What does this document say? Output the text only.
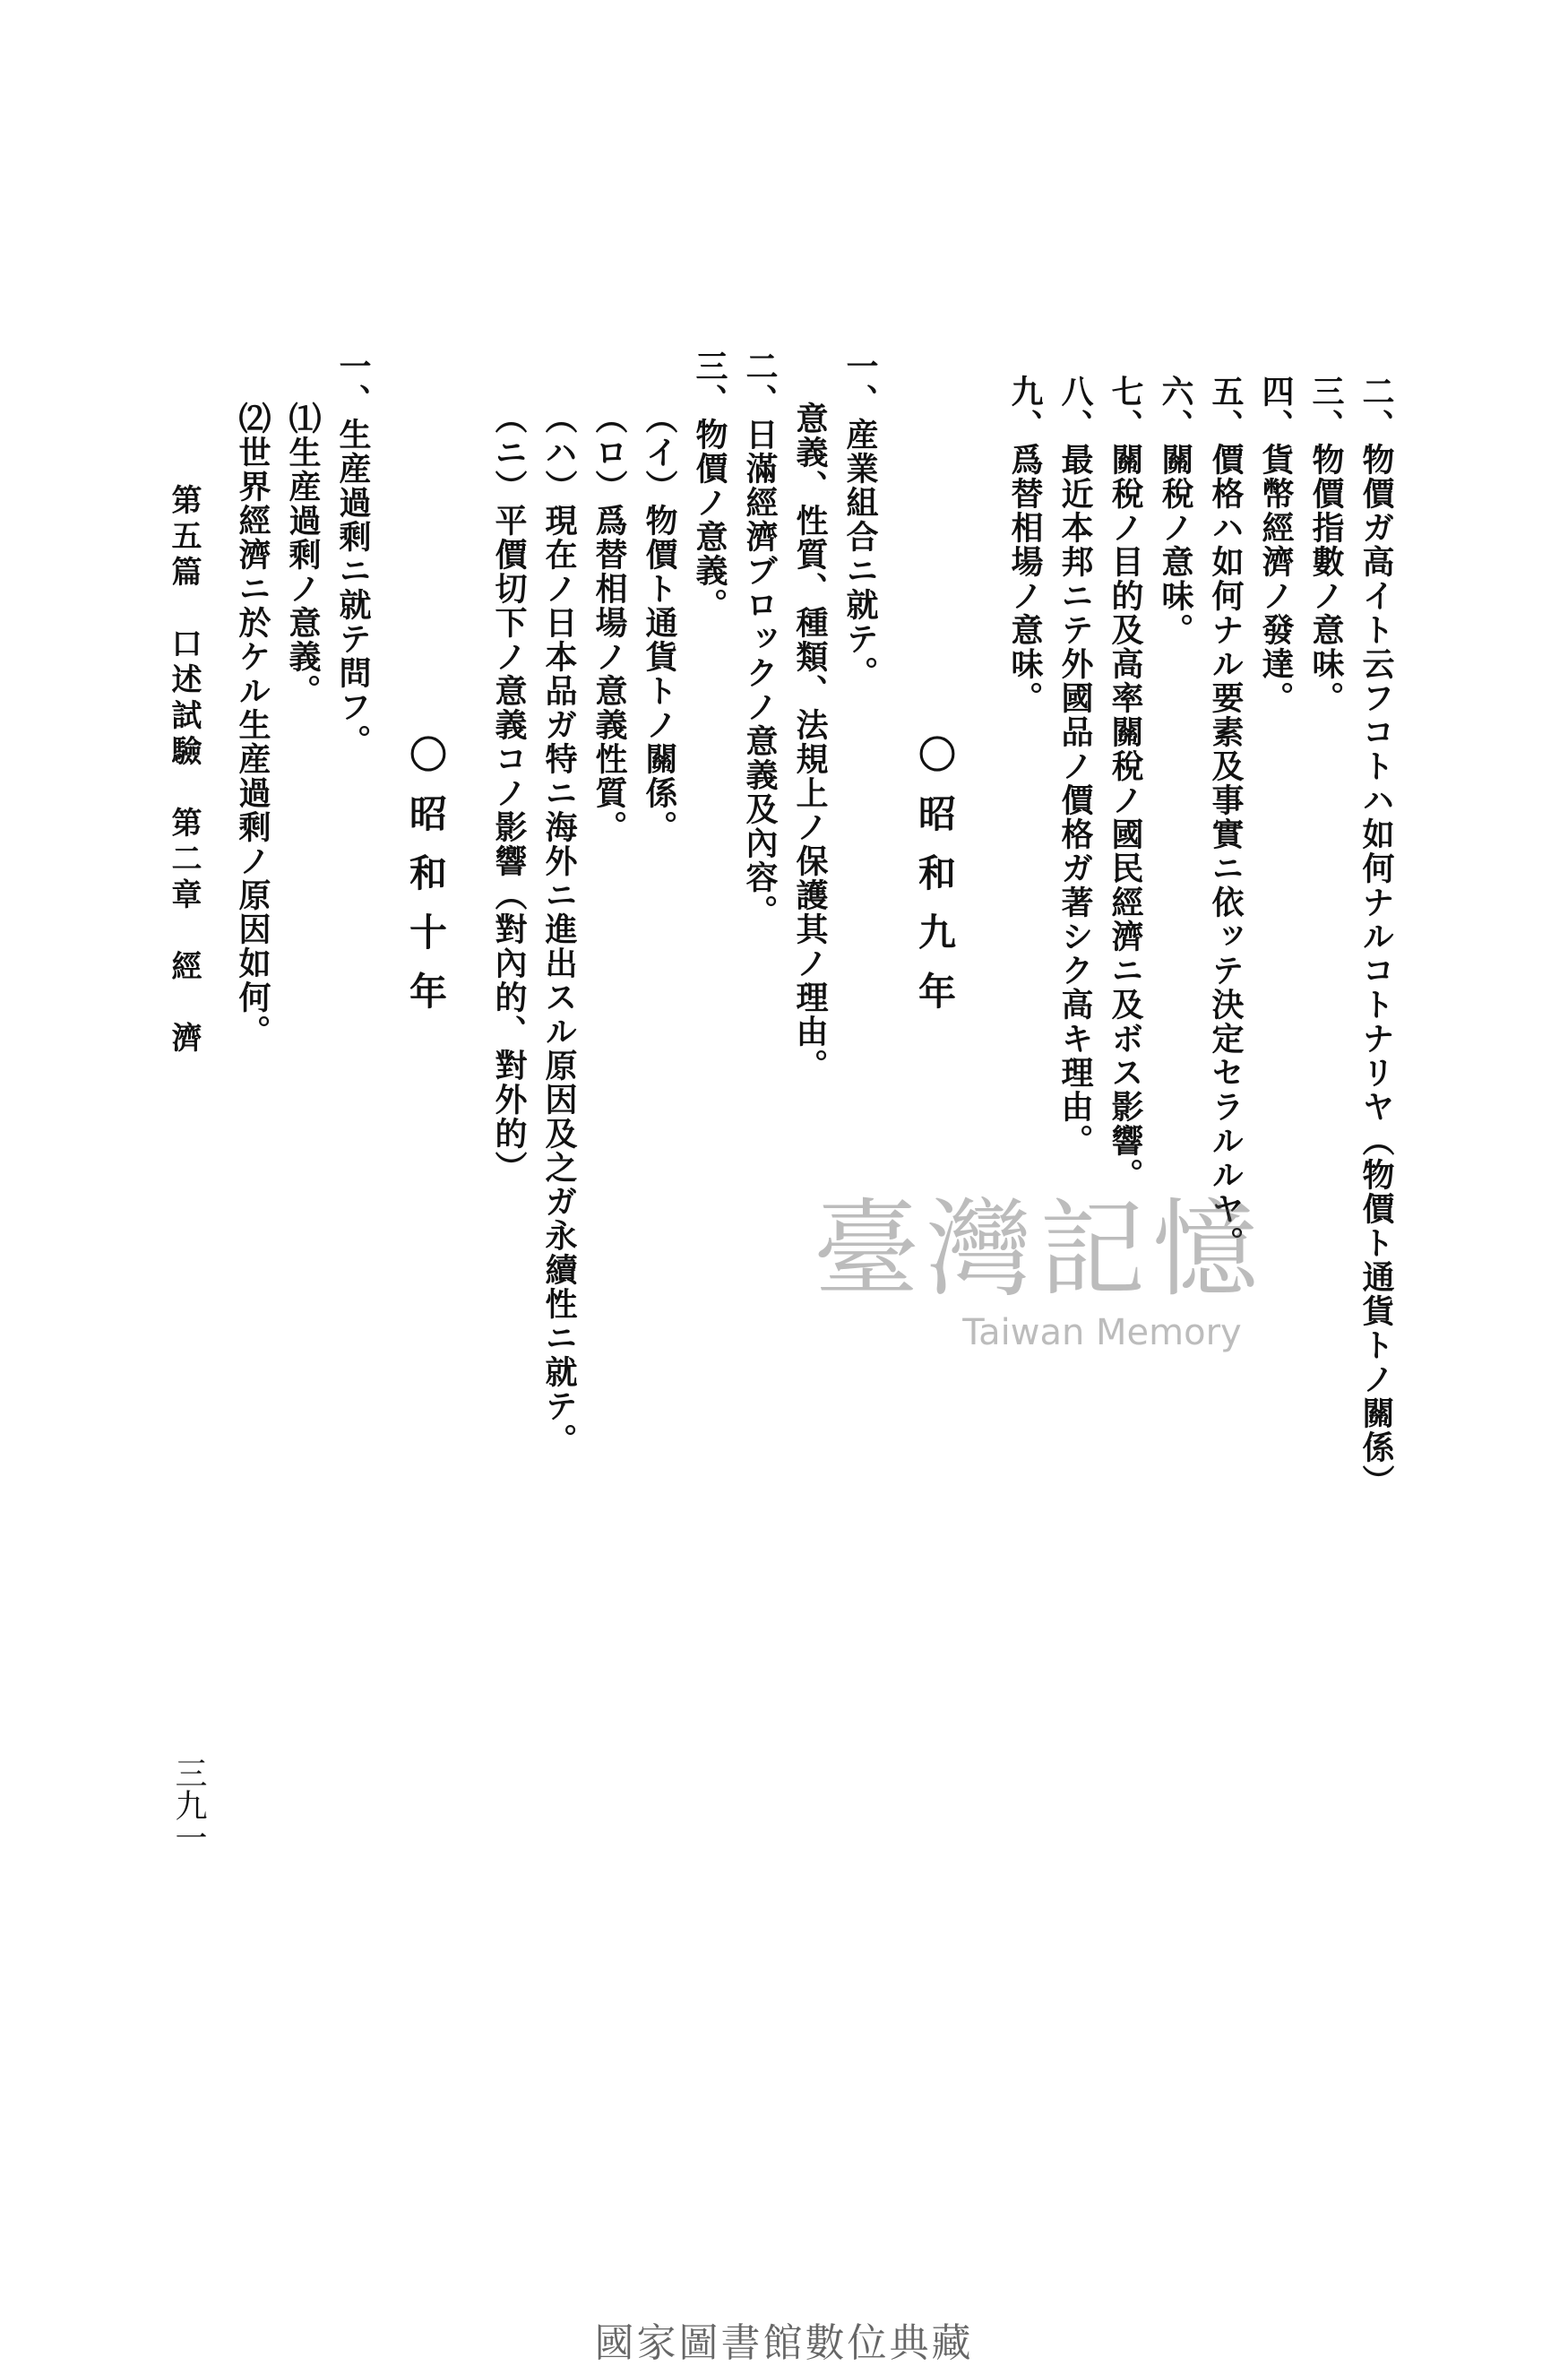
二、物價ガ高イト云フコトハ如何ナルコトナリヤ（物價ト通貨トノ關係）
三、物價指數ノ意味。
四、貨幣經濟ノ發達。
五、價格ハ如何ナル要素及事實ニ依ッテ決定セラルルヤ。
六、關稅ノ意味。
七、關稅ノ目的及高率關稅ノ國民經濟ニ及ボス影響。
八、最近本邦ニテ外國品ノ價格ガ著シク高キ理由。
九、爲替相場ノ意味。
〇昭和九年
一、産業組合ニ就テ。
意義、性質、種類、法規上ノ保護其ノ理由。
二、日滿經濟ブロックノ意義及內容。
三、物價ノ意義。
（イ）物價ト通貨トノ關係。
（ロ）爲替相場ノ意義性質。
（ハ）現在ノ日本品ガ特ニ海外ニ進出スル原因及之ガ永續性ニ就テ。
（ニ）平價切下ノ意義コノ影響（對內的、對外的）
〇昭和十年
一、生産過剩ニ就テ問フ。
⑴生産過剩ノ意義。
⑵世界經濟ニ於ケル生産過剩ノ原因如何。
第五篇　口述試驗　第二章　經　濟
三九一
臺灣記憶
Taiwan Memory
國家圖書館數位典藏
